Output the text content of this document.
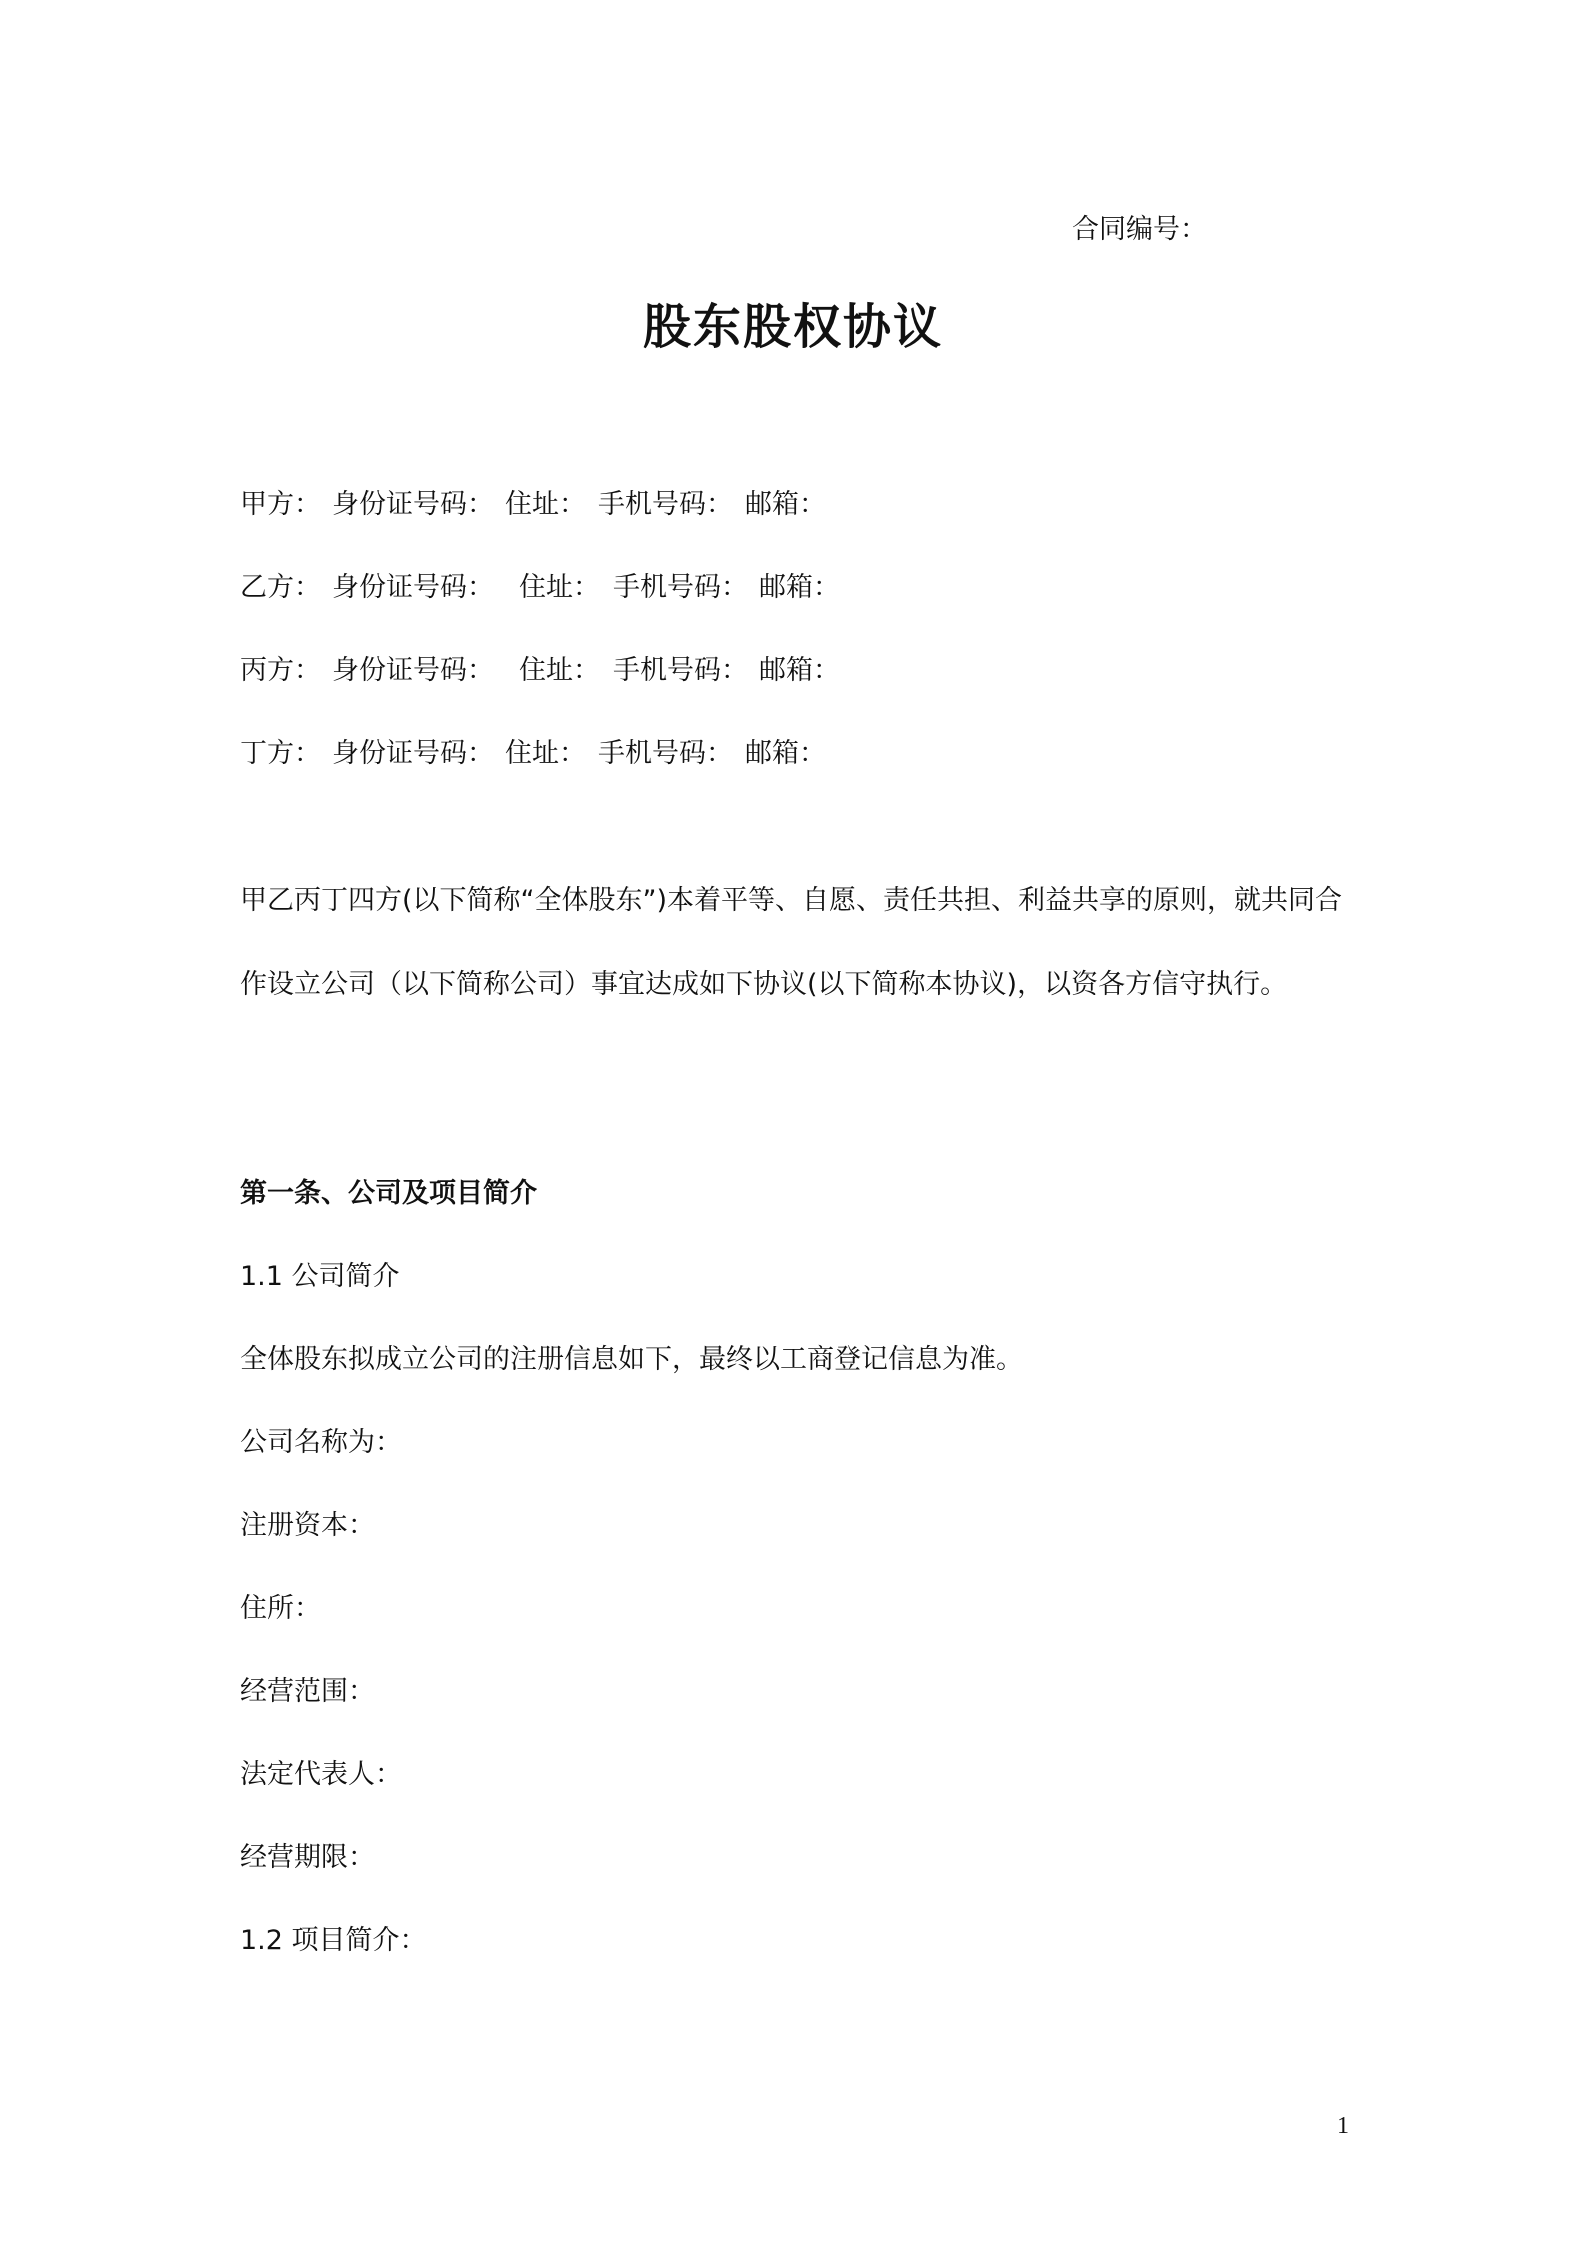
合同编号：
股东股权协议
甲方： 身份证号码： 住址： 手机号码： 邮箱：
乙方： 身份证号码： 住址： 手机号码： 邮箱：
丙方： 身份证号码： 住址： 手机号码： 邮箱：
丁方： 身份证号码： 住址： 手机号码： 邮箱：
甲乙丙丁四方(以下简称“全体股东”)本着平等、自愿、责任共担、利益共享的原则，就共同合
作设立公司（以下简称公司）事宜达成如下协议(以下简称本协议)，以资各方信守执行。
第一条、公司及项目简介
1.1 公司简介
全体股东拟成立公司的注册信息如下，最终以工商登记信息为准。
公司名称为：
注册资本：
住所：
经营范围：
法定代表人：
经营期限：
1.2 项目简介：
1
